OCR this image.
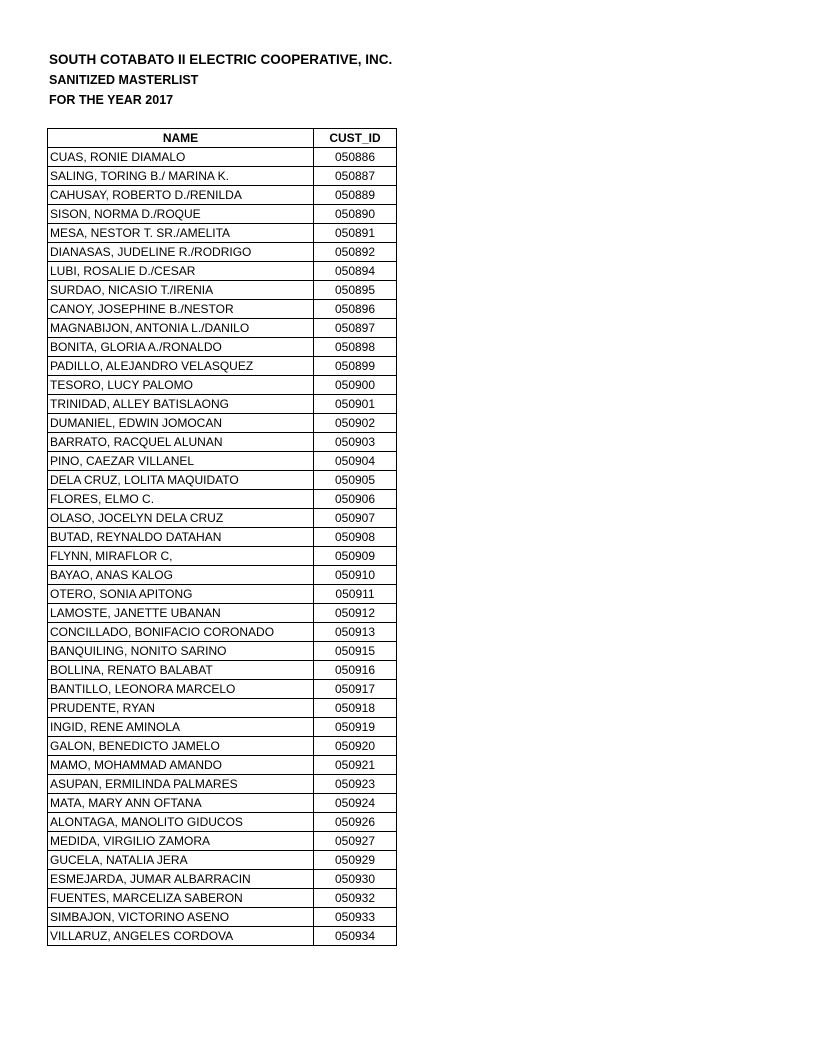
SOUTH COTABATO II ELECTRIC COOPERATIVE, INC.
SANITIZED MASTERLIST
FOR THE YEAR 2017
NAME	CUST_ID
CUAS, RONIE DIAMALO	050886
SALING, TORING B./ MARINA K.	050887
CAHUSAY, ROBERTO D./RENILDA	050889
SISON, NORMA D./ROQUE	050890
MESA, NESTOR T. SR./AMELITA	050891
DIANASAS, JUDELINE R./RODRIGO	050892
LUBI, ROSALIE D./CESAR	050894
SURDAO, NICASIO T./IRENIA	050895
CANOY, JOSEPHINE B./NESTOR	050896
MAGNABIJON, ANTONIA L./DANILO	050897
BONITA, GLORIA A./RONALDO	050898
PADILLO, ALEJANDRO VELASQUEZ	050899
TESORO, LUCY PALOMO	050900
TRINIDAD, ALLEY BATISLAONG	050901
DUMANIEL, EDWIN JOMOCAN	050902
BARRATO, RACQUEL ALUNAN	050903
PINO, CAEZAR VILLANEL	050904
DELA CRUZ, LOLITA MAQUIDATO	050905
FLORES, ELMO C.	050906
OLASO, JOCELYN DELA CRUZ	050907
BUTAD, REYNALDO DATAHAN	050908
FLYNN, MIRAFLOR C,	050909
BAYAO, ANAS KALOG	050910
OTERO, SONIA APITONG	050911
LAMOSTE, JANETTE UBANAN	050912
CONCILLADO, BONIFACIO CORONADO	050913
BANQUILING, NONITO SARINO	050915
BOLLINA, RENATO BALABAT	050916
BANTILLO, LEONORA MARCELO	050917
PRUDENTE, RYAN	050918
INGID, RENE AMINOLA	050919
GALON, BENEDICTO JAMELO	050920
MAMO, MOHAMMAD AMANDO	050921
ASUPAN, ERMILINDA PALMARES	050923
MATA, MARY ANN OFTANA	050924
ALONTAGA, MANOLITO GIDUCOS	050926
MEDIDA, VIRGILIO ZAMORA	050927
GUCELA, NATALIA JERA	050929
ESMEJARDA, JUMAR ALBARRACIN	050930
FUENTES, MARCELIZA SABERON	050932
SIMBAJON, VICTORINO ASENO	050933
VILLARUZ, ANGELES CORDOVA	050934
